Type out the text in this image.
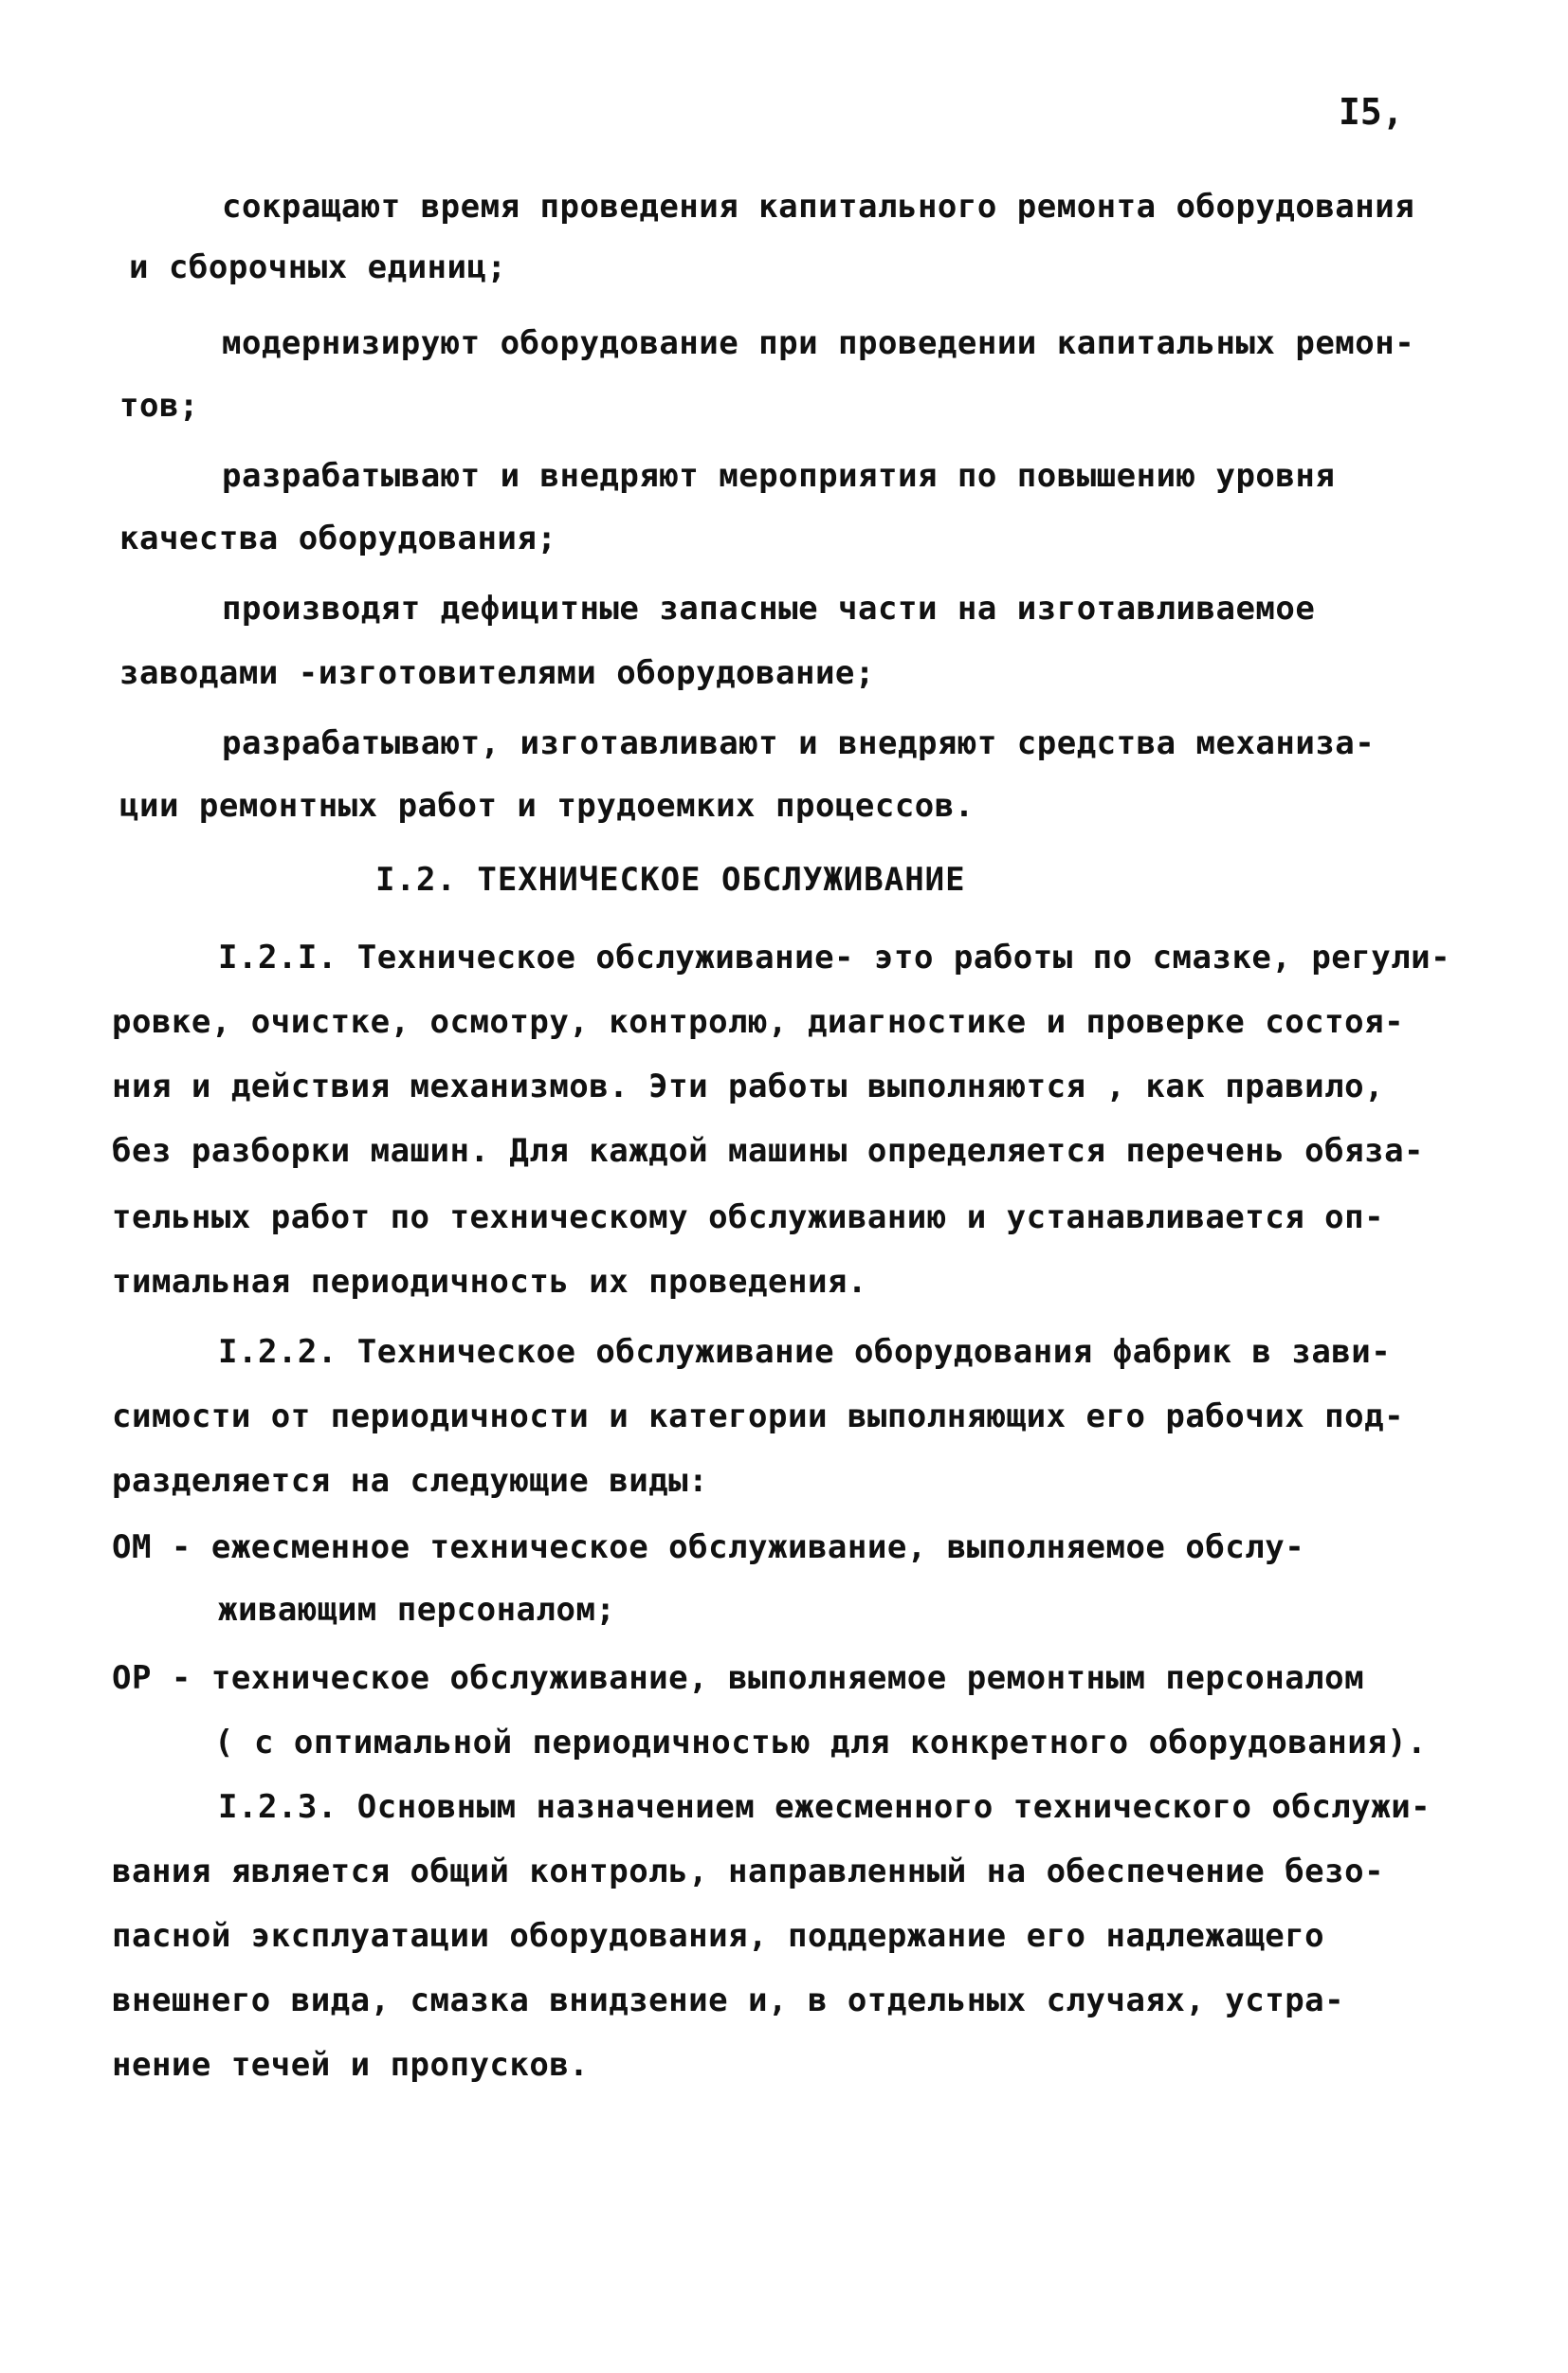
I5,
сокращают время проведения капитального ремонта оборудования
и сборочных единиц;
модернизируют оборудование при проведении капитальных ремон-
тов;
разрабатывают и внедряют мероприятия по повышению уровня
качества оборудования;
производят дефицитные запасные части на изготавливаемое
заводами -изготовителями оборудование;
разрабатывают, изготавливают и внедряют средства механиза-
ции ремонтных работ и трудоемких процессов.
I.2. ТЕХНИЧЕСКОЕ ОБСЛУЖИВАНИЕ
I.2.I. Техническое обслуживание- это работы по смазке, регули-
ровке, очистке, осмотру, контролю, диагностике и проверке состоя-
ния и действия механизмов. Эти работы выполняются , как правило,
без разборки машин. Для каждой машины определяется перечень обяза-
тельных работ по техническому обслуживанию и устанавливается оп-
тимальная периодичность их проведения.
I.2.2. Техническое обслуживание оборудования фабрик в зави-
симости от периодичности и категории выполняющих его рабочих под-
разделяется на следующие виды:
ОМ - ежесменное техническое обслуживание, выполняемое обслу-
живающим персоналом;
ОР - техническое обслуживание, выполняемое ремонтным персоналом
( с оптимальной периодичностью для конкретного оборудования).
I.2.3. Основным назначением ежесменного технического обслужи-
вания является общий контроль, направленный на обеспечение безо-
пасной эксплуатации оборудования, поддержание его надлежащего
внешнего вида, смазка внидзение и, в отдельных случаях, устра-
нение течей и пропусков.
